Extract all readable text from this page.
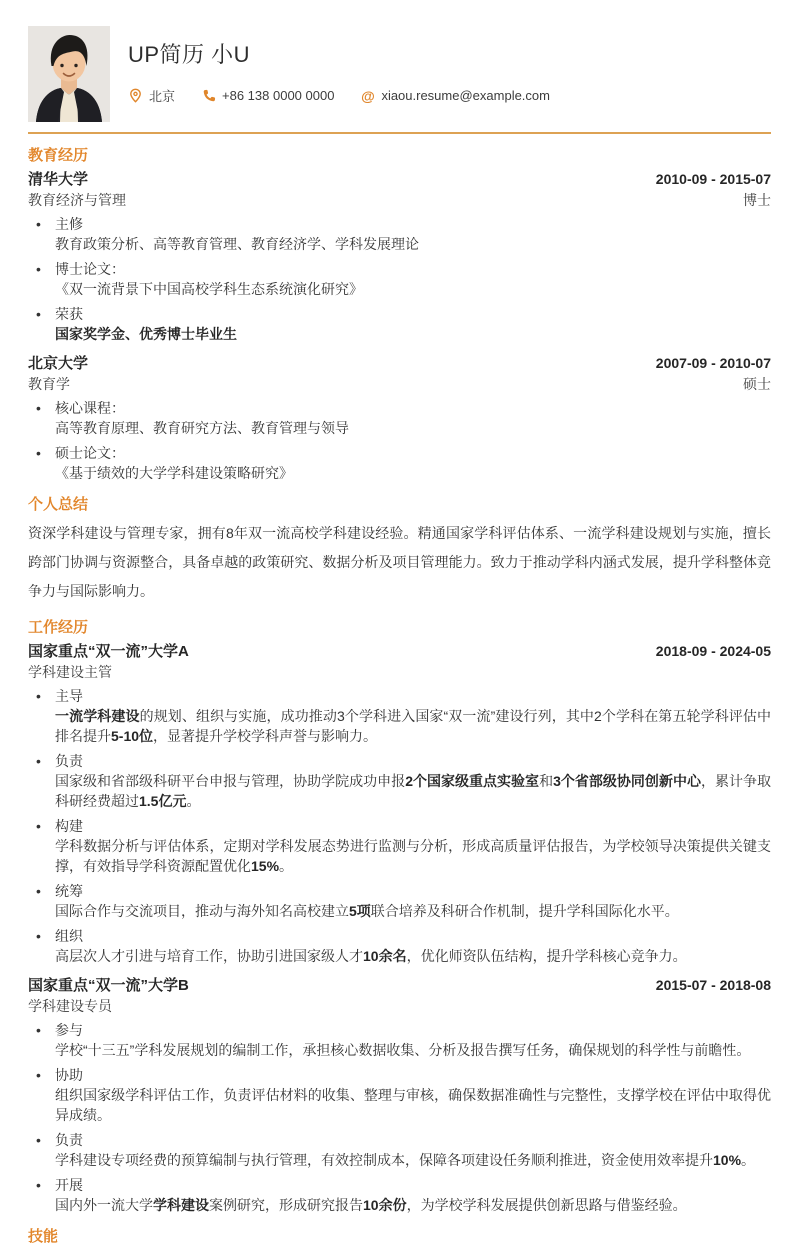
UP简历 小U
北京	+86 138 0000 0000 @ xiaou.resume@example.com
教育经历
清华大学	2010-09 - 2015-07
教育经济与管理	博士
• 主修
教育政策分析、高等教育管理、教育经济学、学科发展理论
• 博士论文：
《双一流背景下中国高校学科生态系统演化研究》
• 荣获
国家奖学金、优秀博士毕业生
北京大学	2007-09 - 2010-07
教育学	硕士
• 核心课程：
高等教育原理、教育研究方法、教育管理与领导
• 硕士论文：
《基于绩效的大学学科建设策略研究》
个人总结

资深学科建设与管理专家，拥有8年双一流高校学科建设经验。精通国家学科评估体系、一流学科建设规划与实施，擅长跨部门协调与资源整合，具备卓越的政策研究、数据分析及项目管理能力。致力于推动学科内涵式发展，提升学科整体竞争力与国际影响力。

工作经历
国家重点“双一流”大学A	2018-09 - 2024-05
学科建设主管
• 主导
一流学科建设的规划、组织与实施，成功推动3个学科进入国家“双一流”建设行列，其中2个学科在第五轮学科评估中排名提升5-10位，显著提升学校学科声誉与影响力。
• 负责
国家级和省部级科研平台申报与管理，协助学院成功申报2个国家级重点实验室和3个省部级协同创新中心，累计争取科研经费超过1.5亿元。
• 构建
学科数据分析与评估体系，定期对学科发展态势进行监测与分析，形成高质量评估报告，为学校领导决策提供关键支撑，有效指导学科资源配置优化15%。
• 统筹
国际合作与交流项目，推动与海外知名高校建立5项联合培养及科研合作机制，提升学科国际化水平。
• 组织
高层次人才引进与培育工作，协助引进国家级人才10余名，优化师资队伍结构，提升学科核心竞争力。
国家重点“双一流”大学B	2015-07 - 2018-08
学科建设专员
• 参与
学校“十三五”学科发展规划的编制工作，承担核心数据收集、分析及报告撰写任务，确保规划的科学性与前瞻性。
• 协助
组织国家级学科评估工作，负责评估材料的收集、整理与审核，确保数据准确性与完整性，支撑学校在评估中取得优异成绩。
• 负责
学科建设专项经费的预算编制与执行管理，有效控制成本，保障各项建设任务顺利推进，资金使用效率提升10%。
• 开展
国内外一流大学学科建设案例研究，形成研究报告10余份，为学校学科发展提供创新思路与借鉴经验。
技能
